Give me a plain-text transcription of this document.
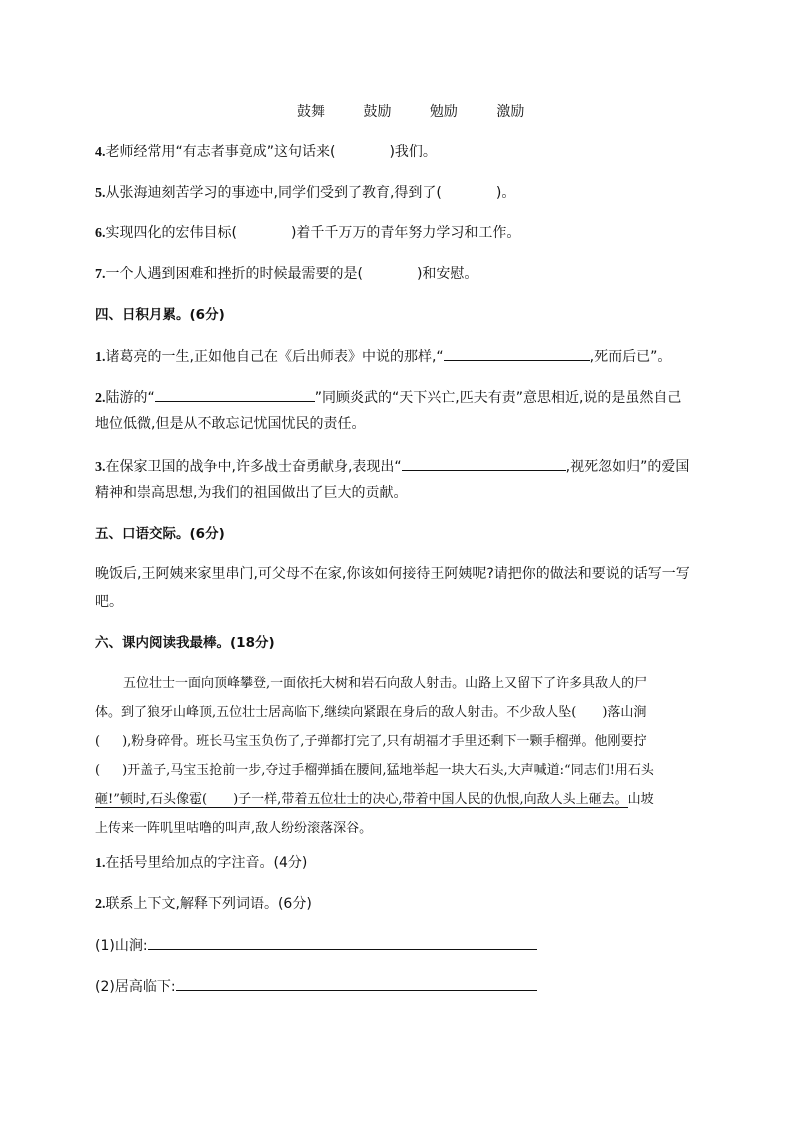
鼓舞	鼓励	勉励	激励
4.老师经常用“有志者事竟成”这句话来(	)我们。
5.从张海迪刻苦学习的事迹中,同学们受到了教育,得到了(	)。
6.实现四化的宏伟目标(	)着千千万万的青年努力学习和工作。
7.一个人遇到困难和挫折的时候最需要的是(	)和安慰。
四、日积月累。(6分)
1.诸葛亮的一生,正如他自己在《后出师表》中说的那样,“	,死而后已”。
2.陆游的“	”同顾炎武的“天下兴亡,匹夫有责”意思相近,说的是虽然自己
地位低微,但是从不敢忘记忧国忧民的责任。
3.在保家卫国的战争中,许多战士奋勇献身,表现出“	,视死忽如归”的爱国
精神和崇高思想,为我们的祖国做出了巨大的贡献。
五、口语交际。(6分)
晚饭后,王阿姨来家里串门,可父母不在家,你该如何接待王阿姨呢?请把你的做法和要说的话写一写
吧。
六、课内阅读我最棒。(18分)
五位壮士一面向顶峰攀登,一面依托大树和岩石向敌人射击。山路上又留下了许多具敌人的尸
体。到了狼牙山峰顶,五位壮士居高临下,继续向紧跟在身后的敌人射击。不少敌人坠( )落山涧
( ),粉身碎骨。班长马宝玉负伤了,子弹都打完了,只有胡福才手里还剩下一颗手榴弹。他刚要拧
( )开盖子,马宝玉抢前一步,夺过手榴弹插在腰间,猛地举起一块大石头,大声喊道:“同志们!用石头
砸!”顿时,石头像雹( )子一样,带着五位壮士的决心,带着中国人民的仇恨,向敌人头上砸去。山坡
上传来一阵叽里咕噜的叫声,敌人纷纷滚落深谷。
1.在括号里给加点的字注音。(4分)
2.联系上下文,解释下列词语。(6分)
(1)山涧:
(2)居高临下:
